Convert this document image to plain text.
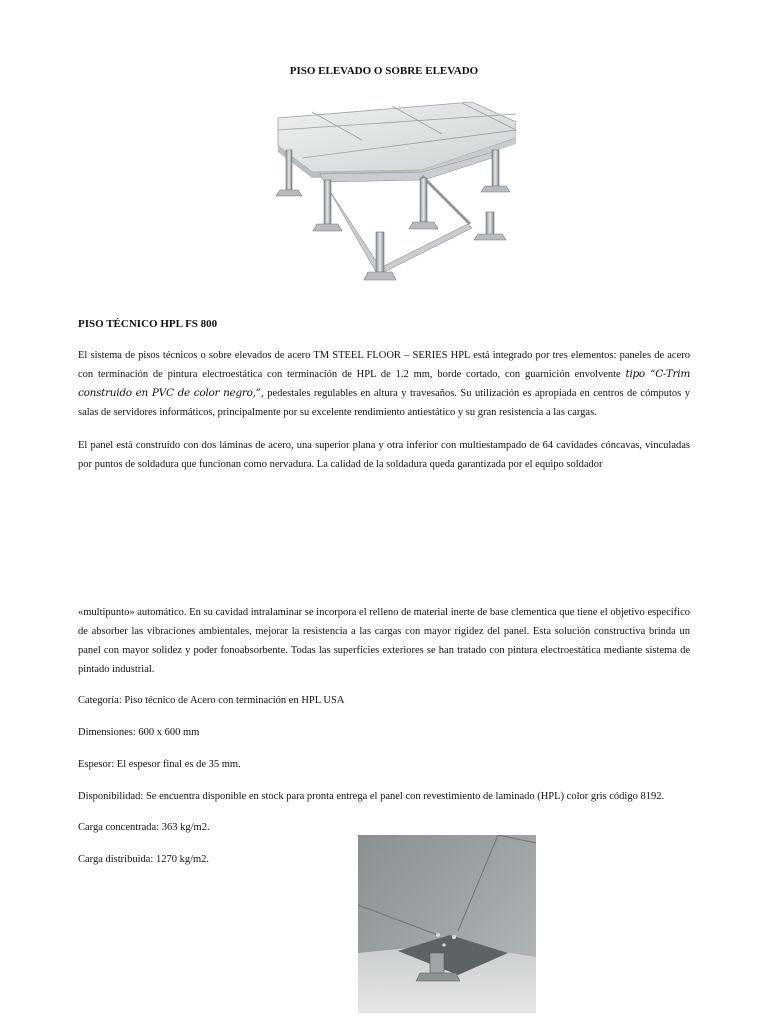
PISO ELEVADO O SOBRE ELEVADO
PISO TÉCNICO HPL FS 800

El sistema de pisos técnicos o sobre elevados de acero TM STEEL FLOOR – SERIES HPL está integrado por tres elementos: paneles de acero con terminación de pintura electroestática con terminación de HPL de 1.2 mm, borde cortado, con guarnición envolvente tipo “C-Trim construido en PVC de color negro,”, pedestales regulables en altura y travesaños. Su utilización es apropiada en centros de cómputos y salas de servidores informáticos, principalmente por su excelente rendimiento antiestático y su gran resistencia a las cargas.

El panel está construido con dos láminas de acero, una superior plana y otra inferior con multiestampado de 64 cavidades cóncavas, vinculadas por puntos de soldadura que funcionan como nervadura. La calidad de la soldadura queda garantizada por el equipo soldador

«multipunto» automático. En su cavidad intralaminar se incorpora el relleno de material inerte de base clementica que tiene el objetivo específico de absorber las vibraciones ambientales, mejorar la resistencia a las cargas con mayor rigidez del panel. Esta solución constructiva brinda un panel con mayor solidez y poder fonoabsorbente. Todas las superficies exteriores se han tratado con pintura electroestática mediante sistema de pintado industrial.

Categoría: Piso técnico de Acero con terminación en HPL USA

Dimensiones: 600 x 600 mm

Espesor: El espesor final es de 35 mm.

Disponibilidad: Se encuentra disponible en stock para pronta entrega el panel con revestimiento de laminado (HPL) color gris código 8192.

Carga concentrada: 363 kg/m2.

Carga distribuida: 1270 kg/m2.
